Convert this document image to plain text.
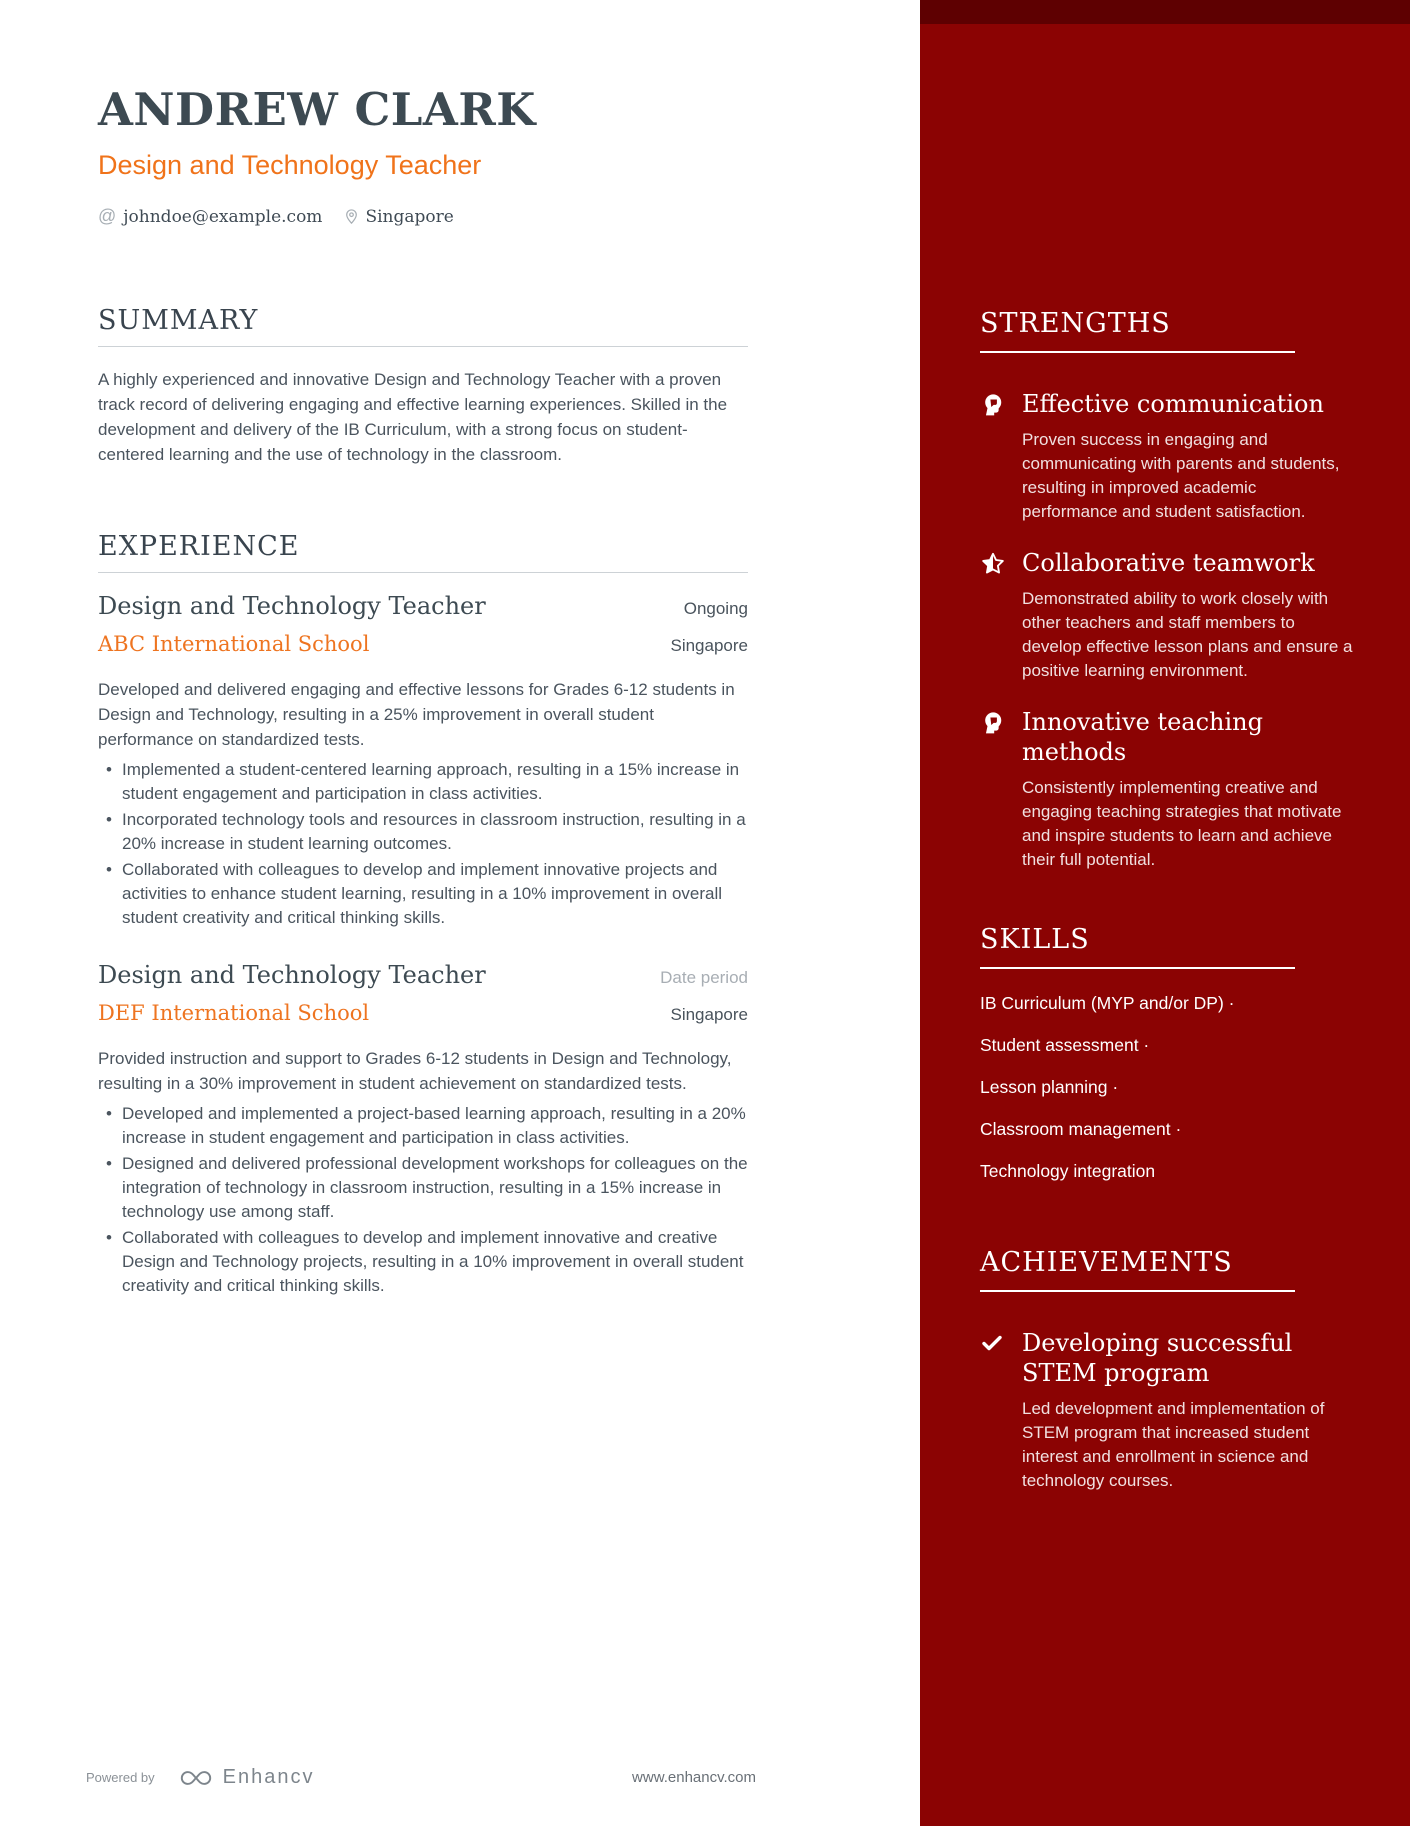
ANDREW CLARK
Design and Technology Teacher
@ johndoe@example.com	Singapore
SUMMARY

A highly experienced and innovative Design and Technology Teacher with a proven track record of delivering engaging and effective learning experiences. Skilled in the development and delivery of the IB Curriculum, with a strong focus on student-centered learning and the use of technology in the classroom.

EXPERIENCE
Design and Technology Teacher	Ongoing
ABC International School	Singapore

Developed and delivered engaging and effective lessons for Grades 6-12 students in Design and Technology, resulting in a 25% improvement in overall student performance on standardized tests.

• Implemented a student-centered learning approach, resulting in a 15% increase in student engagement and participation in class activities.
• Incorporated technology tools and resources in classroom instruction, resulting in a 20% increase in student learning outcomes.
• Collaborated with colleagues to develop and implement innovative projects and activities to enhance student learning, resulting in a 10% improvement in overall student creativity and critical thinking skills.
Design and Technology Teacher	Date period
DEF International School	Singapore

Provided instruction and support to Grades 6-12 students in Design and Technology, resulting in a 30% improvement in student achievement on standardized tests.

• Developed and implemented a project-based learning approach, resulting in a 20% increase in student engagement and participation in class activities.
• Designed and delivered professional development workshops for colleagues on the integration of technology in classroom instruction, resulting in a 15% increase in technology use among staff.
• Collaborated with colleagues to develop and implement innovative and creative Design and Technology projects, resulting in a 10% improvement in overall student creativity and critical thinking skills.
Powered by	Enhancv	www.enhancv.com
STRENGTHS
Effective communication
Proven success in engaging and communicating with parents and students, resulting in improved academic performance and student satisfaction.
Collaborative teamwork
Demonstrated ability to work closely with other teachers and staff members to develop effective lesson plans and ensure a positive learning environment.
Innovative teaching methods
Consistently implementing creative and engaging teaching strategies that motivate and inspire students to learn and achieve their full potential.
SKILLS
IB Curriculum (MYP and/or DP) ·
Student assessment ·
Lesson planning ·
Classroom management ·
Technology integration
ACHIEVEMENTS
Developing successful STEM program
Led development and implementation of STEM program that increased student interest and enrollment in science and technology courses.
